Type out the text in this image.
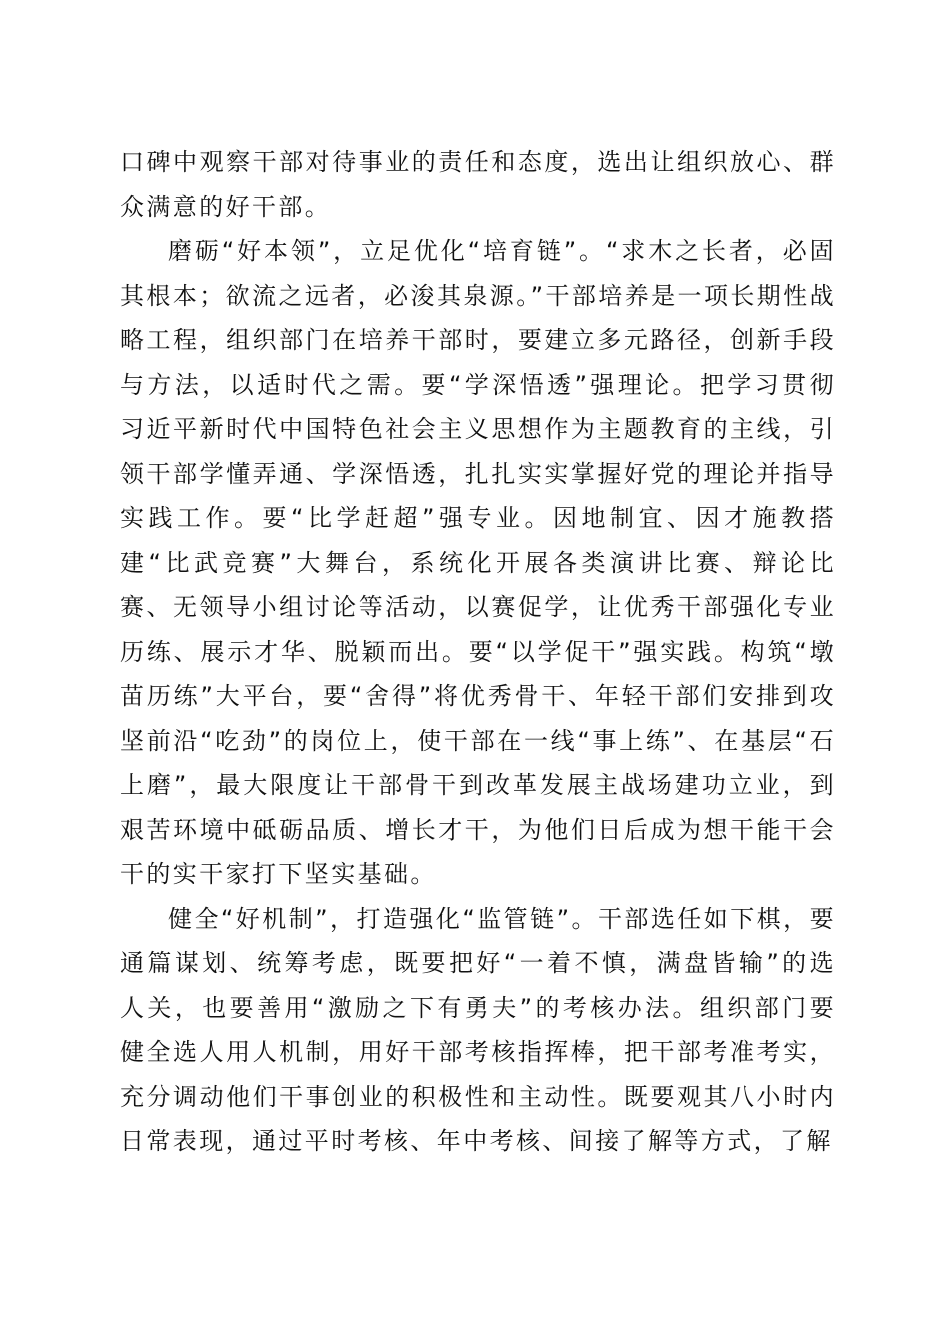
口碑中观察干部对待事业的责任和态度，选出让组织放心、群众满意的好干部。

磨砺“好本领”，立足优化“培育链”。“求木之长者，必固其根本；欲流之远者，必浚其泉源。”干部培养是一项长期性战略工程，组织部门在培养干部时，要建立多元路径，创新手段与方法，以适时代之需。要“学深悟透”强理论。把学习贯彻习近平新时代中国特色社会主义思想作为主题教育的主线，引领干部学懂弄通、学深悟透，扎扎实实掌握好党的理论并指导实践工作。要“比学赶超”强专业。因地制宜、因才施教搭建“比武竞赛”大舞台，系统化开展各类演讲比赛、辩论比赛、无领导小组讨论等活动，以赛促学，让优秀干部强化专业历练、展示才华、脱颖而出。要“以学促干”强实践。构筑“墩苗历练”大平台，要“舍得”将优秀骨干、年轻干部们安排到攻坚前沿“吃劲”的岗位上，使干部在一线“事上练”、在基层“石上磨”，最大限度让干部骨干到改革发展主战场建功立业，到艰苦环境中砥砺品质、增长才干，为他们日后成为想干能干会干的实干家打下坚实基础。

健全“好机制”，打造强化“监管链”。干部选任如下棋，要通篇谋划、统筹考虑，既要把好“一着不慎，满盘皆输”的选人关，也要善用“激励之下有勇夫”的考核办法。组织部门要健全选人用人机制，用好干部考核指挥棒，把干部考准考实，充分调动他们干事创业的积极性和主动性。既要观其八小时内日常表现，通过平时考核、年中考核、间接了解等方式，了解
